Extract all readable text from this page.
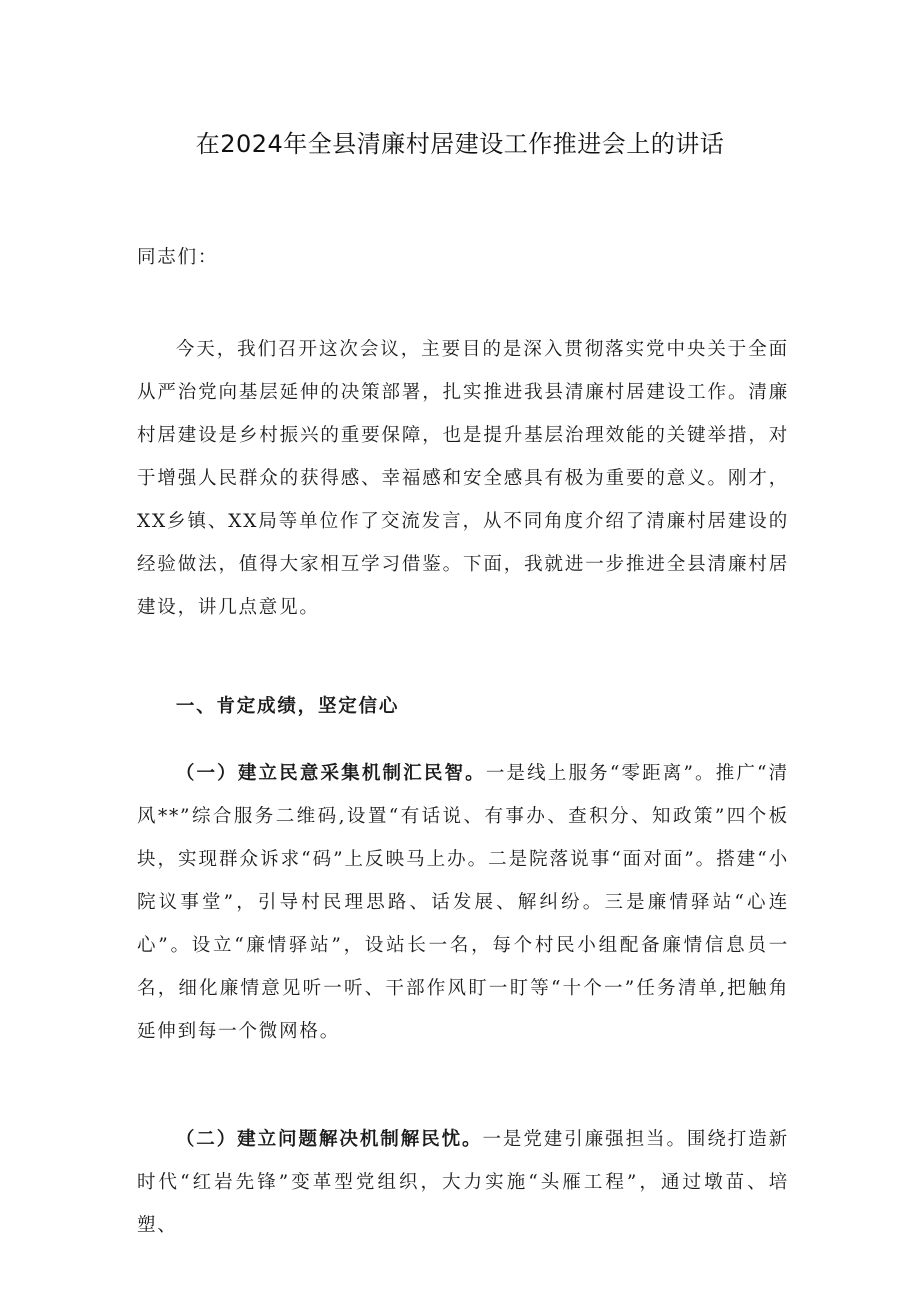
在2024年全县清廉村居建设工作推进会上的讲话

同志们：

今天，我们召开这次会议，主要目的是深入贯彻落实党中央关于全面从严治党向基层延伸的决策部署，扎实推进我县清廉村居建设工作。清廉村居建设是乡村振兴的重要保障，也是提升基层治理效能的关键举措，对于增强人民群众的获得感、幸福感和安全感具有极为重要的意义。刚才，XX乡镇、XX局等单位作了交流发言，从不同角度介绍了清廉村居建设的经验做法，值得大家相互学习借鉴。下面，我就进一步推进全县清廉村居建设，讲几点意见。

一、肯定成绩，坚定信心

（一）建立民意采集机制汇民智。一是线上服务“零距离”。推广“清风**”综合服务二维码,设置“有话说、有事办、查积分、知政策”四个板块，实现群众诉求“码”上反映马上办。二是院落说事“面对面”。搭建“小院议事堂”，引导村民理思路、话发展、解纠纷。三是廉情驿站“心连心”。设立“廉情驿站”，设站长一名，每个村民小组配备廉情信息员一名，细化廉情意见听一听、干部作风盯一盯等“十个一”任务清单,把触角延伸到每一个微网格。

（二）建立问题解决机制解民忧。一是党建引廉强担当。围绕打造新时代“红岩先锋”变革型党组织，大力实施“头雁工程”，通过墩苗、培塑、
